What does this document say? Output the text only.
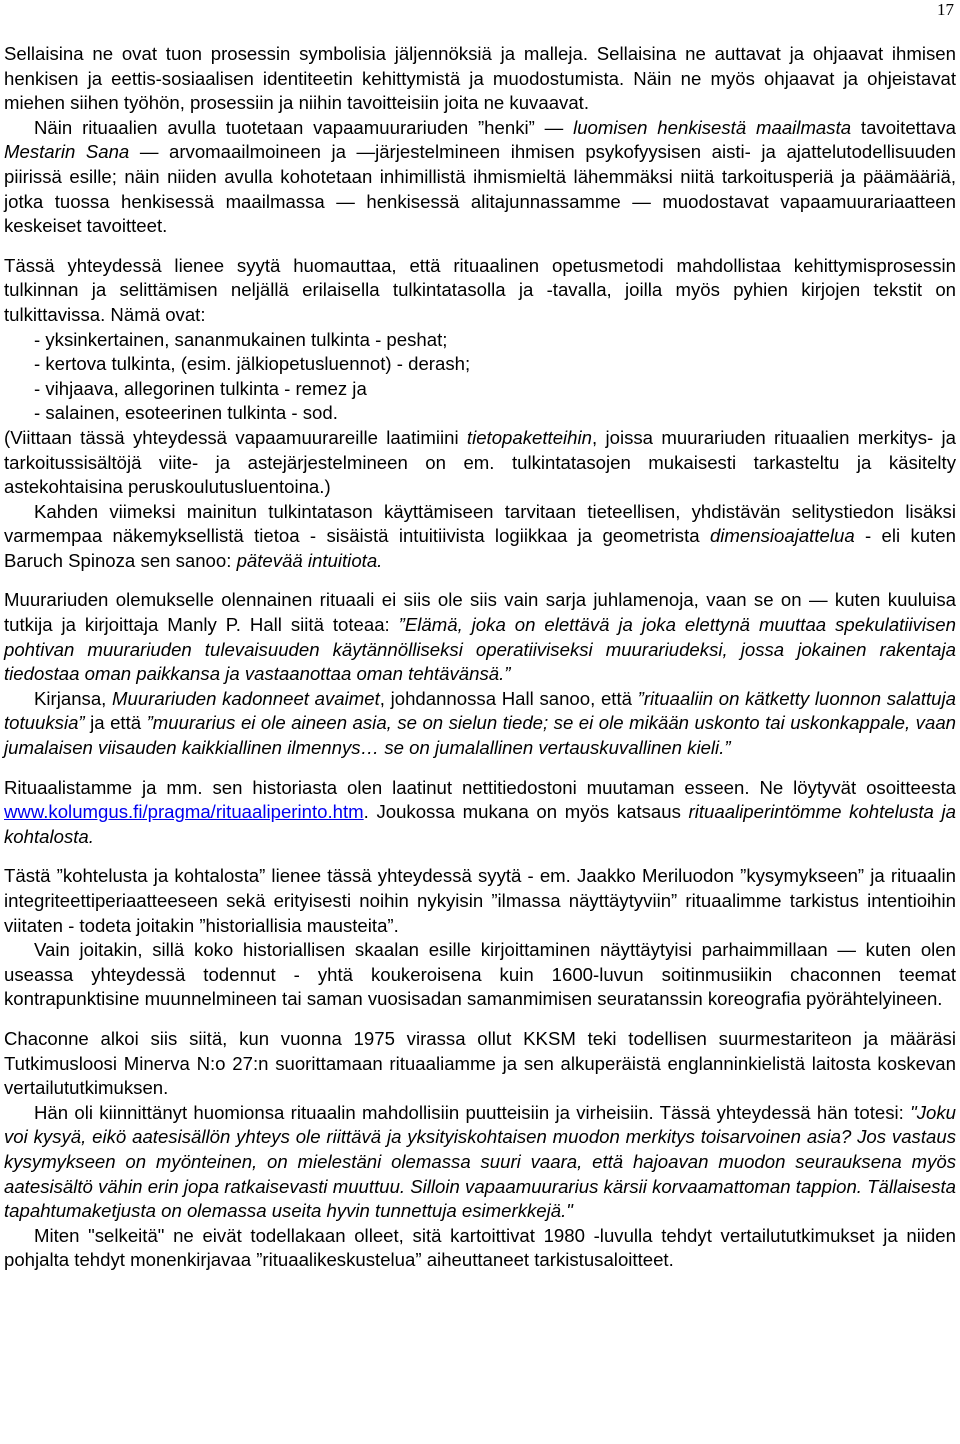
17

Sellaisina ne ovat tuon prosessin symbolisia jäljennöksiä ja malleja. Sellaisina ne auttavat ja ohjaavat ihmisen henkisen ja eettis-sosiaalisen identiteetin kehittymistä ja muodostumista. Näin ne myös ohjaavat ja ohjeistavat miehen siihen työhön, prosessiin ja niihin tavoitteisiin joita ne kuvaavat.

Näin rituaalien avulla tuotetaan vapaamuurariuden ”henki” — luomisen henkisestä maailmasta tavoitettava Mestarin Sana — arvomaailmoineen ja —järjestelmineen ihmisen psykofyysisen aisti- ja ajattelutodellisuuden piirissä esille; näin niiden avulla kohotetaan inhimillistä ihmismieltä lähemmäksi niitä tarkoitusperiä ja päämääriä, jotka tuossa henkisessä maailmassa — henkisessä alitajunnassamme — muodostavat vapaamuurariaatteen keskeiset tavoitteet.

Tässä yhteydessä lienee syytä huomauttaa, että rituaalinen opetusmetodi mahdollistaa kehittymisprosessin tulkinnan ja selittämisen neljällä erilaisella tulkintatasolla ja -tavalla, joilla myös pyhien kirjojen tekstit on tulkittavissa. Nämä ovat:

- yksinkertainen, sananmukainen tulkinta - peshat;
- kertova tulkinta, (esim. jälkiopetusluennot) - derash;
- vihjaava, allegorinen tulkinta - remez ja
- salainen, esoteerinen tulkinta - sod.

(Viittaan tässä yhteydessä vapaamuurareille laatimiini tietopaketteihin, joissa muurariuden rituaalien merkitys- ja tarkoitussisältöjä viite- ja astejärjestelmineen on em. tulkintatasojen mukaisesti tarkasteltu ja käsitelty astekohtaisina peruskoulutusluentoina.)

Kahden viimeksi mainitun tulkintatason käyttämiseen tarvitaan tieteellisen, yhdistävän selitystiedon lisäksi varmempaa näkemyksellistä tietoa - sisäistä intuitiivista logiikkaa ja geometrista dimensioajattelua - eli kuten Baruch Spinoza sen sanoo: pätevää intuitiota.

Muurariuden olemukselle olennainen rituaali ei siis ole siis vain sarja juhlamenoja, vaan se on — kuten kuuluisa tutkija ja kirjoittaja Manly P. Hall siitä toteaa: ”Elämä, joka on elettävä ja joka elettynä muuttaa spekulatiivisen pohtivan muurariuden tulevaisuuden käytännölliseksi operatiiviseksi muurariudeksi, jossa jokainen rakentaja tiedostaa oman paikkansa ja vastaanottaa oman tehtävänsä.”

Kirjansa, Muurariuden kadonneet avaimet, johdannossa Hall sanoo, että ”rituaaliin on kätketty luonnon salattuja totuuksia” ja että ”muurarius ei ole aineen asia, se on sielun tiede; se ei ole mikään uskonto tai uskonkappale, vaan jumalaisen viisauden kaikkiallinen ilmennys… se on jumalallinen vertauskuvallinen kieli.”

Rituaalistamme ja mm. sen historiasta olen laatinut nettitiedostoni muutaman esseen. Ne löytyvät osoitteesta www.kolumgus.fi/pragma/rituaaliperinto.htm. Joukossa mukana on myös katsaus rituaaliperintömme kohtelusta ja kohtalosta.

Tästä ”kohtelusta ja kohtalosta” lienee tässä yhteydessä syytä - em. Jaakko Meriluodon ”kysymykseen” ja rituaalin integriteettiperiaatteeseen sekä erityisesti noihin nykyisin ”ilmassa näyttäytyviin” rituaalimme tarkistus intentioihin viitaten - todeta joitakin ”historiallisia mausteita”.

Vain joitakin, sillä koko historiallisen skaalan esille kirjoittaminen näyttäytyisi parhaimmillaan — kuten olen useassa yhteydessä todennut - yhtä koukeroisena kuin 1600-luvun soitinmusiikin chaconnen teemat kontrapunktisine muunnelmineen tai saman vuosisadan samanmimisen seuratanssin koreografia pyörähtelyineen.

Chaconne alkoi siis siitä, kun vuonna 1975 virassa ollut KKSM teki todellisen suurmestariteon ja määräsi Tutkimusloosi Minerva N:o 27:n suorittamaan rituaaliamme ja sen alkuperäistä englanninkielistä laitosta koskevan vertailututkimuksen.

Hän oli kiinnittänyt huomionsa rituaalin mahdollisiin puutteisiin ja virheisiin. Tässä yhteydessä hän totesi: "Joku voi kysyä, eikö aatesisällön yhteys ole riittävä ja yksityiskohtaisen muodon merkitys toisarvoinen asia? Jos vastaus kysymykseen on myönteinen, on mielestäni olemassa suuri vaara, että hajoavan muodon seurauksena myös aatesisältö vähin erin jopa ratkaisevasti muuttuu. Silloin vapaamuurarius kärsii korvaamattoman tappion. Tällaisesta tapahtumaketjusta on olemassa useita hyvin tunnettuja esimerkkejä."

Miten "selkeitä" ne eivät todellakaan olleet, sitä kartoittivat 1980 -luvulla tehdyt vertailututkimukset ja niiden pohjalta tehdyt monenkirjavaa ”rituaalikeskustelua” aiheuttaneet tarkistusaloitteet.
